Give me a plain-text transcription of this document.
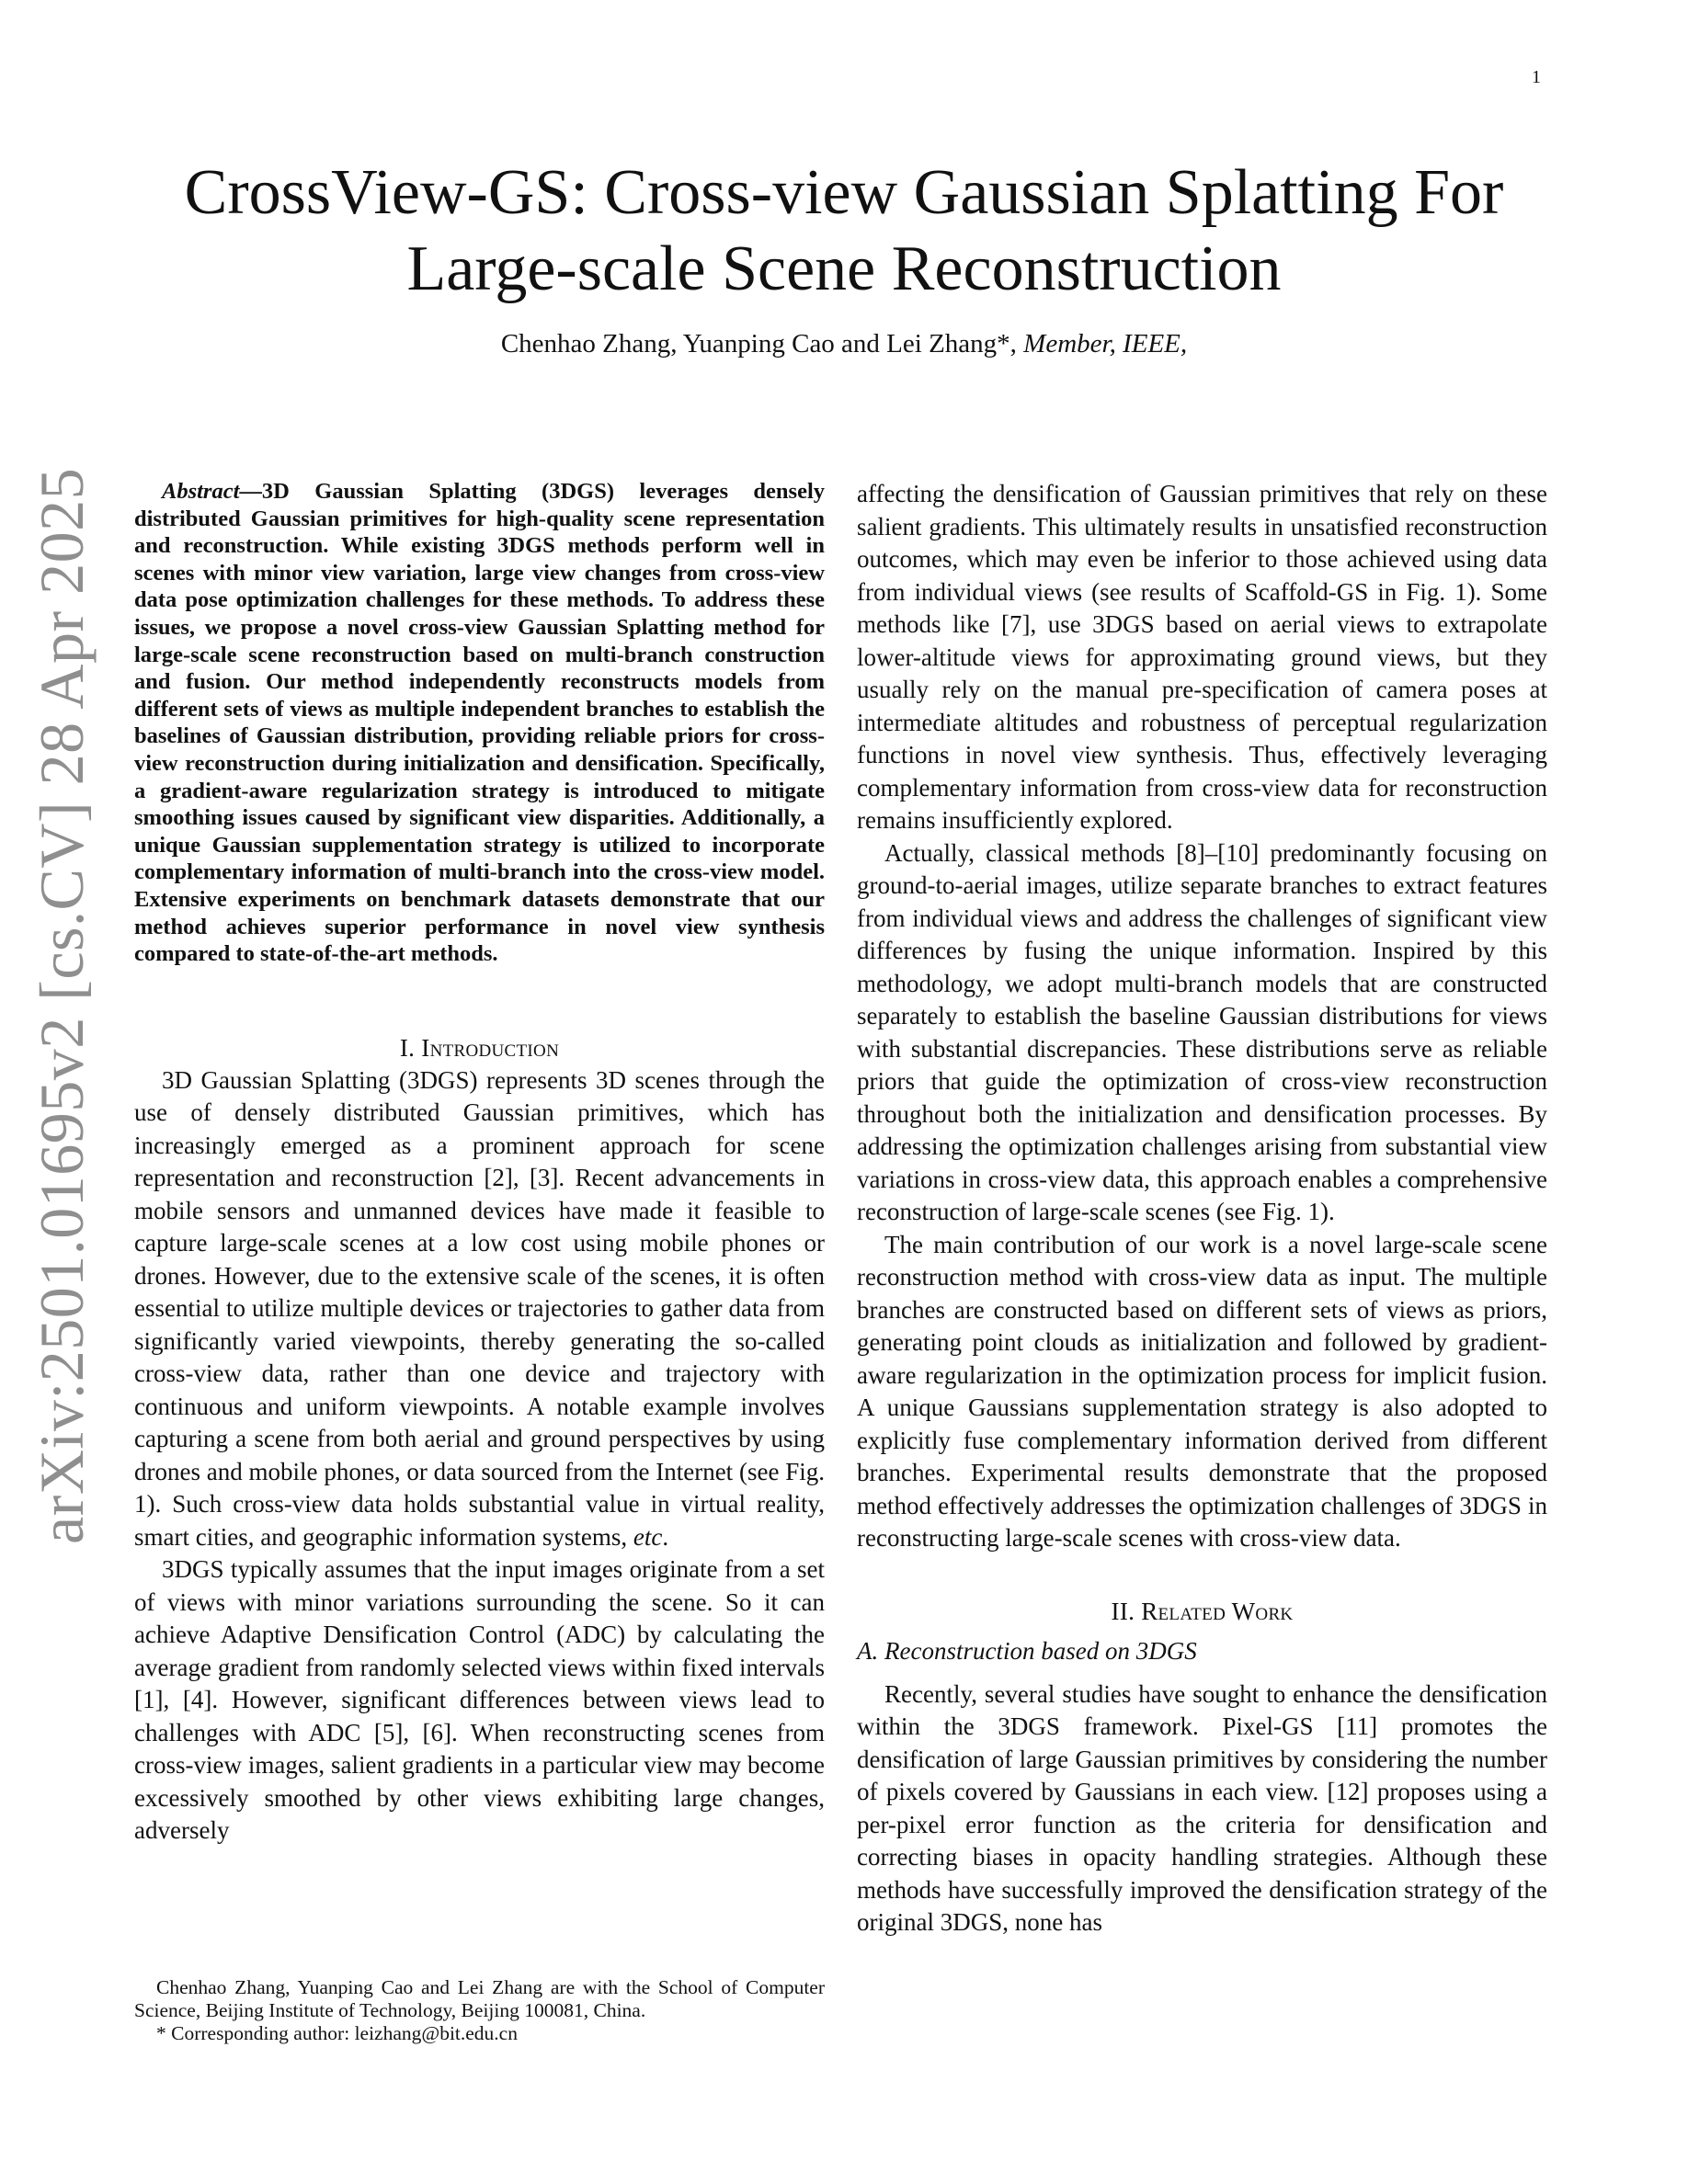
1
arXiv:2501.01695v2 [cs.CV] 28 Apr 2025
CrossView-GS: Cross-view Gaussian Splatting For Large-scale Scene Reconstruction
Chenhao Zhang, Yuanping Cao and Lei Zhang*, Member, IEEE,

Abstract—3D Gaussian Splatting (3DGS) leverages densely distributed Gaussian primitives for high-quality scene representation and reconstruction. While existing 3DGS methods perform well in scenes with minor view variation, large view changes from cross-view data pose optimization challenges for these methods. To address these issues, we propose a novel cross-view Gaussian Splatting method for large-scale scene reconstruction based on multi-branch construction and fusion. Our method independently reconstructs models from different sets of views as multiple independent branches to establish the baselines of Gaussian distribution, providing reliable priors for cross-view reconstruction during initialization and densification. Specifically, a gradient-aware regularization strategy is introduced to mitigate smoothing issues caused by significant view disparities. Additionally, a unique Gaussian supplementation strategy is utilized to incorporate complementary information of multi-branch into the cross-view model. Extensive experiments on benchmark datasets demonstrate that our method achieves superior performance in novel view synthesis compared to state-of-the-art methods.

I. Introduction

3D Gaussian Splatting (3DGS) represents 3D scenes through the use of densely distributed Gaussian primitives, which has increasingly emerged as a prominent approach for scene representation and reconstruction [2], [3]. Recent advancements in mobile sensors and unmanned devices have made it feasible to capture large-scale scenes at a low cost using mobile phones or drones. However, due to the extensive scale of the scenes, it is often essential to utilize multiple devices or trajectories to gather data from significantly varied viewpoints, thereby generating the so-called cross-view data, rather than one device and trajectory with continuous and uniform viewpoints. A notable example involves capturing a scene from both aerial and ground perspectives by using drones and mobile phones, or data sourced from the Internet (see Fig. 1). Such cross-view data holds substantial value in virtual reality, smart cities, and geographic information systems, etc.

3DGS typically assumes that the input images originate from a set of views with minor variations surrounding the scene. So it can achieve Adaptive Densification Control (ADC) by calculating the average gradient from randomly selected views within fixed intervals [1], [4]. However, significant differences between views lead to challenges with ADC [5], [6]. When reconstructing scenes from cross-view images, salient gradients in a particular view may become excessively smoothed by other views exhibiting large changes, adversely

affecting the densification of Gaussian primitives that rely on these salient gradients. This ultimately results in unsatisfied reconstruction outcomes, which may even be inferior to those achieved using data from individual views (see results of Scaffold-GS in Fig. 1). Some methods like [7], use 3DGS based on aerial views to extrapolate lower-altitude views for approximating ground views, but they usually rely on the manual pre-specification of camera poses at intermediate altitudes and robustness of perceptual regularization functions in novel view synthesis. Thus, effectively leveraging complementary information from cross-view data for reconstruction remains insufficiently explored.

Actually, classical methods [8]–[10] predominantly focusing on ground-to-aerial images, utilize separate branches to extract features from individual views and address the challenges of significant view differences by fusing the unique information. Inspired by this methodology, we adopt multi-branch models that are constructed separately to establish the baseline Gaussian distributions for views with substantial discrepancies. These distributions serve as reliable priors that guide the optimization of cross-view reconstruction throughout both the initialization and densification processes. By addressing the optimization challenges arising from substantial view variations in cross-view data, this approach enables a comprehensive reconstruction of large-scale scenes (see Fig. 1).

The main contribution of our work is a novel large-scale scene reconstruction method with cross-view data as input. The multiple branches are constructed based on different sets of views as priors, generating point clouds as initialization and followed by gradient-aware regularization in the optimization process for implicit fusion. A unique Gaussians supplementation strategy is also adopted to explicitly fuse complementary information derived from different branches. Experimental results demonstrate that the proposed method effectively addresses the optimization challenges of 3DGS in reconstructing large-scale scenes with cross-view data.

II. Related Work
A. Reconstruction based on 3DGS

Recently, several studies have sought to enhance the densification within the 3DGS framework. Pixel-GS [11] promotes the densification of large Gaussian primitives by considering the number of pixels covered by Gaussians in each view. [12] proposes using a per-pixel error function as the criteria for densification and correcting biases in opacity handling strategies. Although these methods have successfully improved the densification strategy of the original 3DGS, none has

Chenhao Zhang, Yuanping Cao and Lei Zhang are with the School of Computer Science, Beijing Institute of Technology, Beijing 100081, China.

* Corresponding author: leizhang@bit.edu.cn
